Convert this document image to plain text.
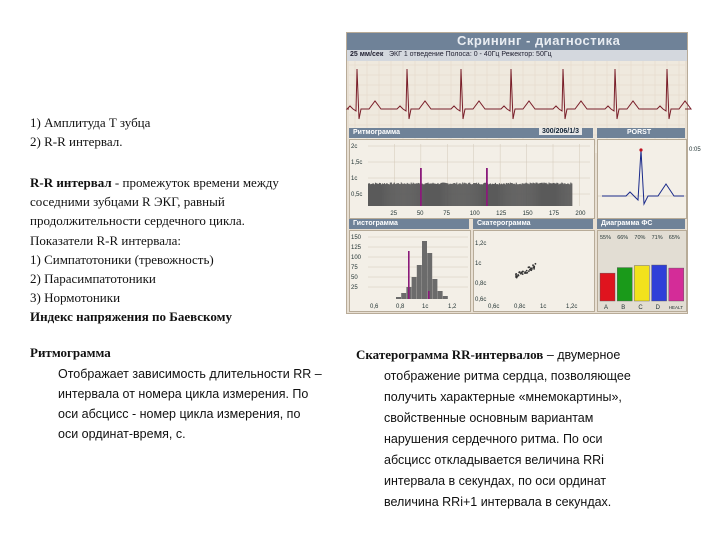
1) Амплитуда T зубца
2) R-R интервал.
R-R интервал - промежуток времени между
соседними зубцами R ЭКГ, равный
продолжительности сердечного цикла.
Показатели R-R интервала:
1) Симпатотоники (тревожность)
2) Парасимпатотоники
3) Нормотоники
Индекс напряжения по Баевскому
Ритмограмма
Отображает зависимость длительности RR –
интервала от номера цикла измерения. По
оси абсцисс - номер цикла измерения, по
оси ординат-время, с.
Скатерограмма RR-интервалов – двумерное
отображение ритма сердца, позволяющее
получить характерные «мнемокартины»,
свойственные основным вариантам
нарушения сердечного ритма. По оси
абсцисс откладывается величина RRi
интервала в секундах, по оси ординат
величина RRi+1 интервала в секундах.
Скрининг - диагностика
25 мм/сек ЭКГ 1 отведение Полоса: 0 - 40Гц Режектор: 50Гц
0:05
Ритмограмма	300/206/1/3
2с
1,5с
1с
0,5с
25	50	75	100	125	150	175	200
PORST
Гистограмма
150
125
100
75
50
25
0,6	0,8	1с	1,2
Скатерограмма
1,2с
1с
0,8с
0,6с
0,6с 0,8с 1с	1,2с
Диаграмма ФС
55% 66% 70% 71% 65%
A B C D HEALT
